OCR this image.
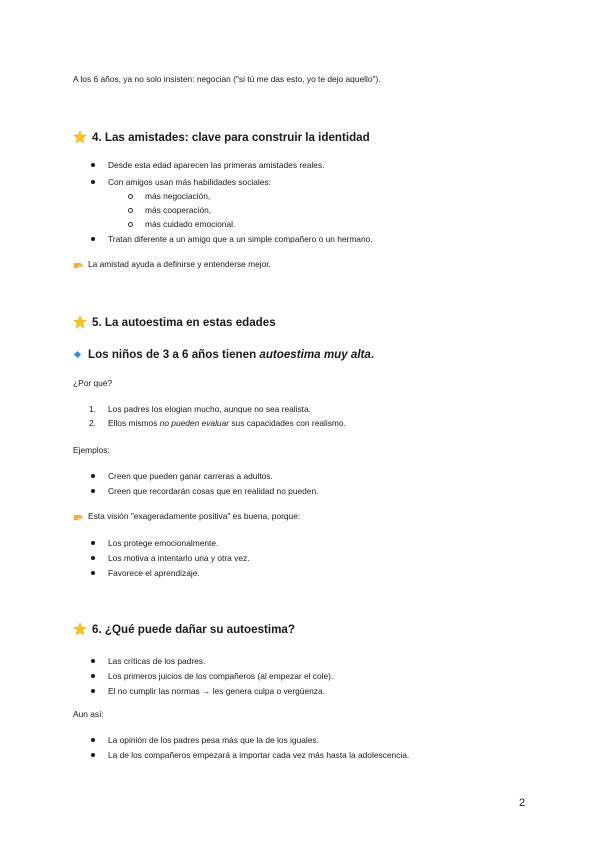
A los 6 años, ya no solo insisten: negocian ("si tú me das esto, yo te dejo aquello").
4. Las amistades: clave para construir la identidad
Desde esta edad aparecen las primeras amistades reales.
Con amigos usan más habilidades sociales:
más negociación,
más cooperación,
más cuidado emocional.
Tratan diferente a un amigo que a un simple compañero o un hermano.
La amistad ayuda a definirse y entenderse mejor.
5. La autoestima en estas edades
Los niños de 3 a 6 años tienen
autoestima muy alta .
¿Por qué?
1. Los padres los elogian mucho, aunque no sea realista.
2. Ellos mismos no pueden evaluar sus capacidades con realismo.
Ejemplos:
Creen que pueden ganar carreras a adultos.
Creen que recordarán cosas que en realidad no pueden.
Esta visión "exageradamente positiva" es buena, porque:
Los protege emocionalmente.
Los motiva a intentarlo una y otra vez.
Favorece el aprendizaje.
6. ¿Qué puede dañar su autoestima?
Las críticas de los padres.
Los primeros juicios de los compañeros (al empezar el cole).
El no cumplir las normas → les genera culpa o vergüenza.
Aun así:
La opinión de los padres pesa más que la de los iguales.
La de los compañeros empezará a importar cada vez más hasta la adolescencia.
2
